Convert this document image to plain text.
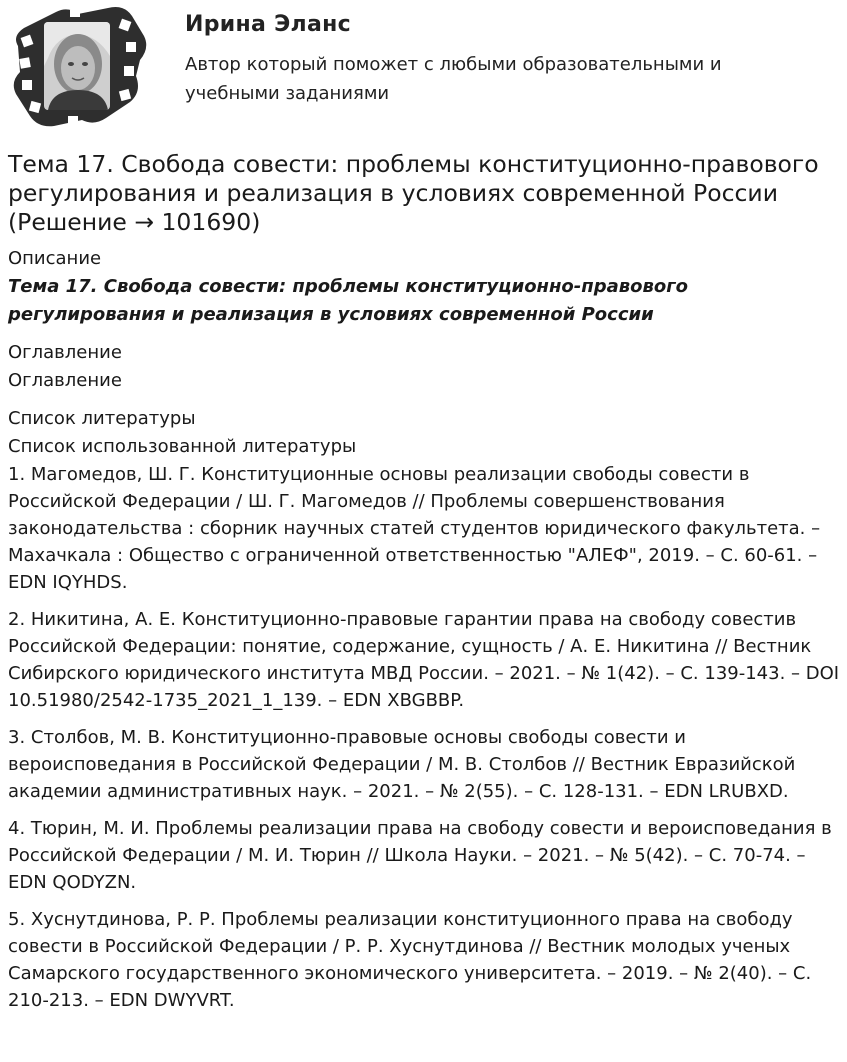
Ирина Эланс
Автор который поможет с любыми образовательными и учебными заданиями
Тема 17. Свобода совести: проблемы конституционно-правового регулирования и реализация в условиях современной России (Решение → 101690)

Описание

Тема 17. Свобода совести: проблемы конституционно-правового регулирования и реализация в условиях современной России

Оглавление

Оглавление

Список литературы

Список использованной литературы

1. Магомедов, Ш. Г. Конституционные основы реализации свободы совести в Российской Федерации / Ш. Г. Магомедов // Проблемы совершенствования законодательства : сборник научных статей студентов юридического факультета. – Махачкала : Общество с ограниченной ответственностью "АЛЕФ", 2019. – С. 60-61. – EDN IQYHDS.

2. Никитина, А. Е. Конституционно-правовые гарантии права на свободу совестив Российской Федерации: понятие, содержание, сущность / А. Е. Никитина // Вестник Сибирского юридического института МВД России. – 2021. – № 1(42). – С. 139-143. – DOI 10.51980/2542-1735_2021_1_139. – EDN XBGBBP.

3. Столбов, М. В. Конституционно-правовые основы свободы совести и вероисповедания в Российской Федерации / М. В. Столбов // Вестник Евразийской академии административных наук. – 2021. – № 2(55). – С. 128-131. – EDN LRUBXD.

4. Тюрин, М. И. Проблемы реализации права на свободу совести и вероисповедания в Российской Федерации / М. И. Тюрин // Школа Науки. – 2021. – № 5(42). – С. 70-74. – EDN QODYZN.

5. Хуснутдинова, Р. Р. Проблемы реализации конституционного права на свободу совести в Российской Федерации / Р. Р. Хуснутдинова // Вестник молодых ученых Самарского государственного экономического университета. – 2019. – № 2(40). – С. 210-213. – EDN DWYVRT.
